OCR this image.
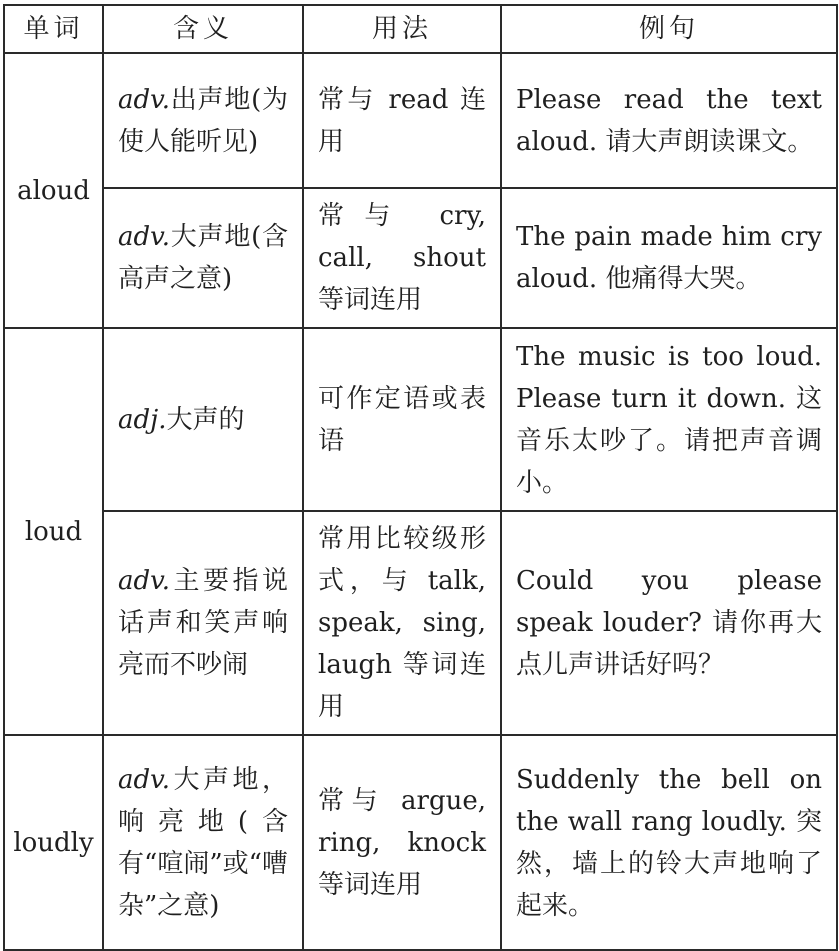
单词	含义	用法	例句
aloud	adv.出声地(为使人能听见)	常与 read 连用	Please read the text aloud. 请大声朗读课文。
	adv.大声地(含高声之意)	常与 cry, call, shout 等词连用	The pain made him cry aloud. 他痛得大哭。
loud	adj.大声的	可作定语或表语	The music is too loud. Please turn it down. 这音乐太吵了。请把声音调小。
	adv.主要指说话声和笑声响亮而不吵闹	常用比较级形式，与 talk, speak, sing, laugh 等词连用	Could you please speak louder? 请你再大点儿声讲话好吗？
loudly	adv.大声地，响亮地(含有“喧闹”或“嘈杂”之意)	常与 argue, ring, knock 等词连用	Suddenly the bell on the wall rang loudly. 突然，墙上的铃大声地响了起来。
